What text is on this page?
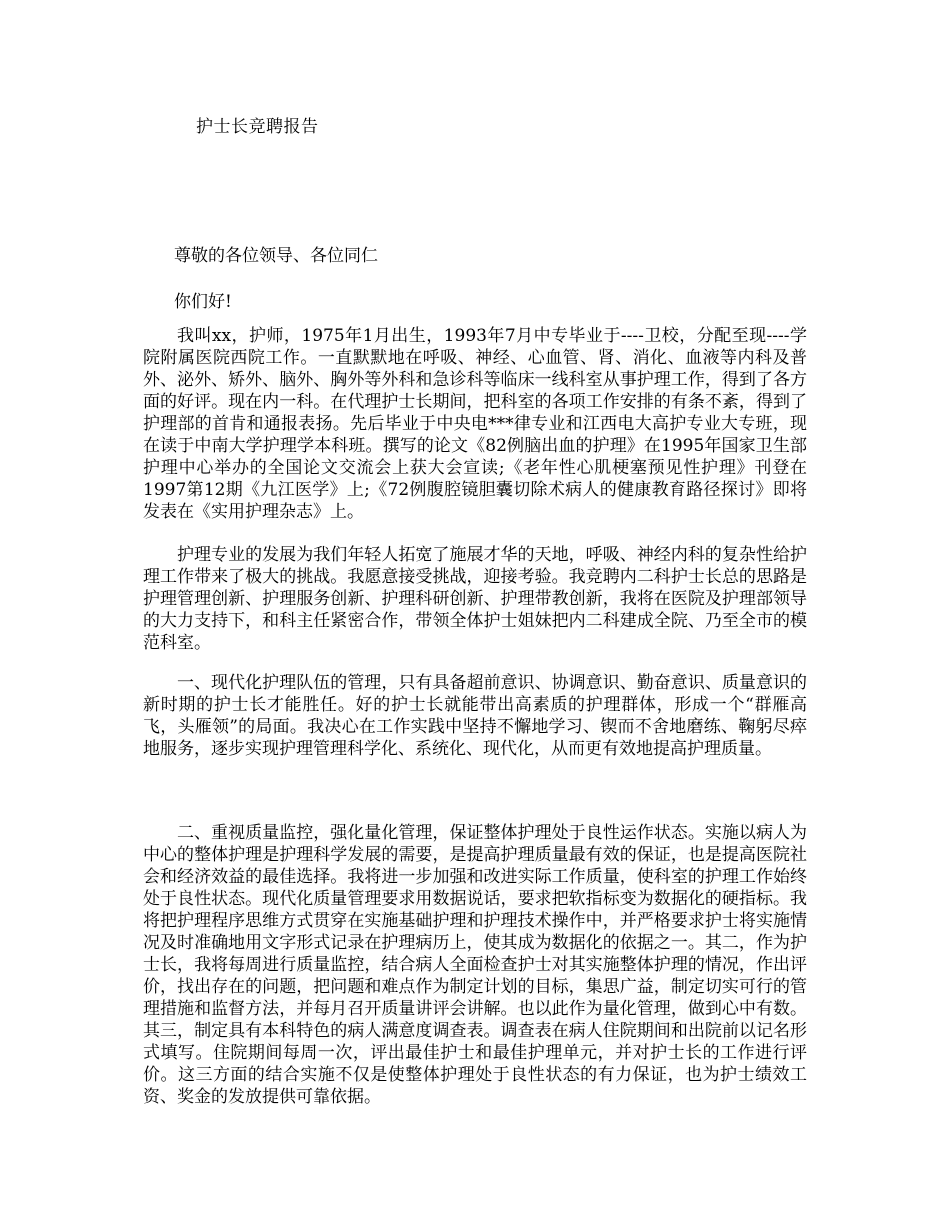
护士长竞聘报告
尊敬的各位领导、各位同仁
你们好!

我叫xx，护师，1975年1月出生，1993年7月中专毕业于----卫校，分配至现----学院附属医院西院工作。一直默默地在呼吸、神经、心血管、肾、消化、血液等内科及普外、泌外、矫外、脑外、胸外等外科和急诊科等临床一线科室从事护理工作，得到了各方面的好评。现在内一科。在代理护士长期间，把科室的各项工作安排的有条不紊，得到了护理部的首肯和通报表扬。先后毕业于中央电***律专业和江西电大高护专业大专班，现在读于中南大学护理学本科班。撰写的论文《82例脑出血的护理》在1995年国家卫生部护理中心举办的全国论文交流会上获大会宣读;《老年性心肌梗塞预见性护理》刊登在1997第12期《九江医学》上;《72例腹腔镜胆囊切除术病人的健康教育路径探讨》即将发表在《实用护理杂志》上。

护理专业的发展为我们年轻人拓宽了施展才华的天地，呼吸、神经内科的复杂性给护理工作带来了极大的挑战。我愿意接受挑战，迎接考验。我竞聘内二科护士长总的思路是护理管理创新、护理服务创新、护理科研创新、护理带教创新，我将在医院及护理部领导的大力支持下，和科主任紧密合作，带领全体护士姐妹把内二科建成全院、乃至全市的模范科室。

一、现代化护理队伍的管理，只有具备超前意识、协调意识、勤奋意识、质量意识的新时期的护士长才能胜任。好的护士长就能带出高素质的护理群体，形成一个“群雁高飞，头雁领”的局面。我决心在工作实践中坚持不懈地学习、锲而不舍地磨练、鞠躬尽瘁地服务，逐步实现护理管理科学化、系统化、现代化，从而更有效地提高护理质量。

二、重视质量监控，强化量化管理，保证整体护理处于良性运作状态。实施以病人为中心的整体护理是护理科学发展的需要，是提高护理质量最有效的保证，也是提高医院社会和经济效益的最佳选择。我将进一步加强和改进实际工作质量，使科室的护理工作始终处于良性状态。现代化质量管理要求用数据说话，要求把软指标变为数据化的硬指标。我将把护理程序思维方式贯穿在实施基础护理和护理技术操作中，并严格要求护士将实施情况及时准确地用文字形式记录在护理病历上，使其成为数据化的依据之一。其二，作为护士长，我将每周进行质量监控，结合病人全面检查护士对其实施整体护理的情况，作出评价，找出存在的问题，把问题和难点作为制定计划的目标，集思广益，制定切实可行的管理措施和监督方法，并每月召开质量讲评会讲解。也以此作为量化管理，做到心中有数。其三，制定具有本科特色的病人满意度调查表。调查表在病人住院期间和出院前以记名形式填写。住院期间每周一次，评出最佳护士和最佳护理单元，并对护士长的工作进行评价。这三方面的结合实施不仅是使整体护理处于良性状态的有力保证，也为护士绩效工资、奖金的发放提供可靠依据。
